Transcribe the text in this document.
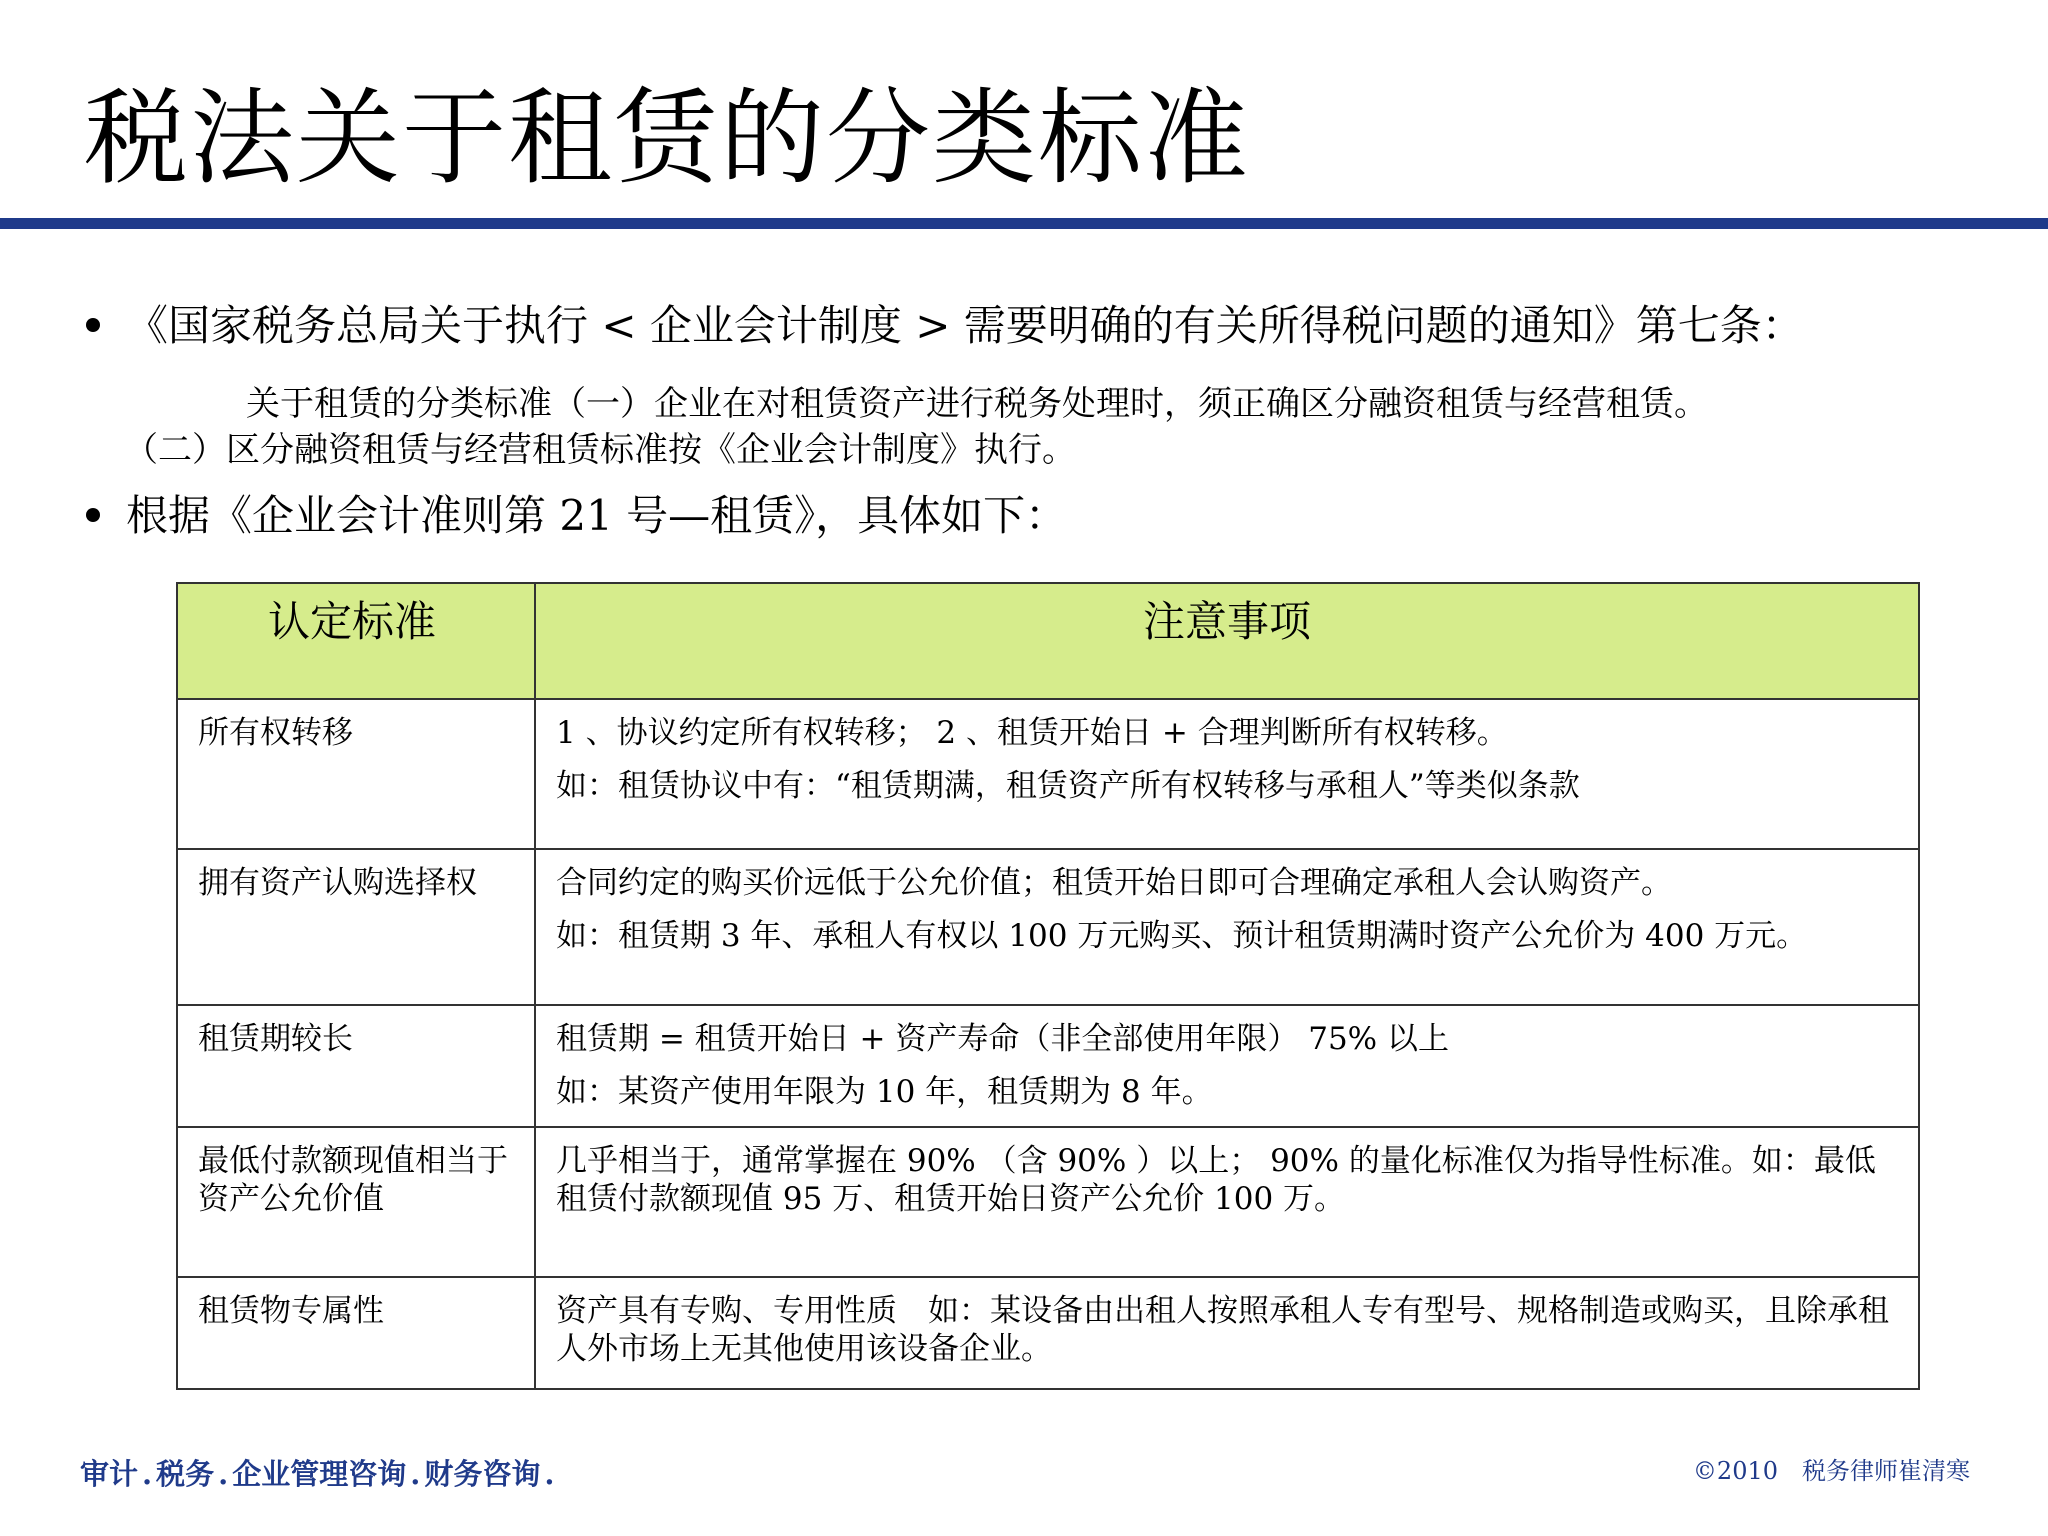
税法关于租赁的分类标准
《国家税务总局关于执行 < 企业会计制度 > 需要明确的有关所得税问题的通知》第七条：
关于租赁的分类标准（一）企业在对租赁资产进行税务处理时，须正确区分融资租赁与经营租赁。
（二）区分融资租赁与经营租赁标准按《企业会计制度》执行。
根据《企业会计准则第 21 号—租赁》，具体如下：
认定标准	注意事项
所有权转移	1 、协议约定所有权转移； 2 、租赁开始日 + 合理判断所有权转移。
如：租赁协议中有：“租赁期满，租赁资产所有权转移与承租人”等类似条款

拥有资产认购选择权	合同约定的购买价远低于公允价值；租赁开始日即可合理确定承租人会认购资产。
如：租赁期 3 年、承租人有权以 100 万元购买、预计租赁期满时资产公允价为 400 万元。

租赁期较长	租赁期 = 租赁开始日 + 资产寿命（非全部使用年限） 75% 以上
如：某资产使用年限为 10 年，租赁期为 8 年。

最低付款额现值相当于资产公允价值	几乎相当于，通常掌握在 90% （含 90% ）以上； 90% 的量化标准仅为指导性标准。如：最低租赁付款额现值 95 万、租赁开始日资产公允价 100 万。

租赁物专属性	资产具有专购、专用性质　如：某设备由出租人按照承租人专有型号、规格制造或购买，且除承租人外市场上无其他使用该设备企业。
审计 . 税务 . 企业管理咨询 . 财务咨询 .	©2010　税务律师崔清寒
